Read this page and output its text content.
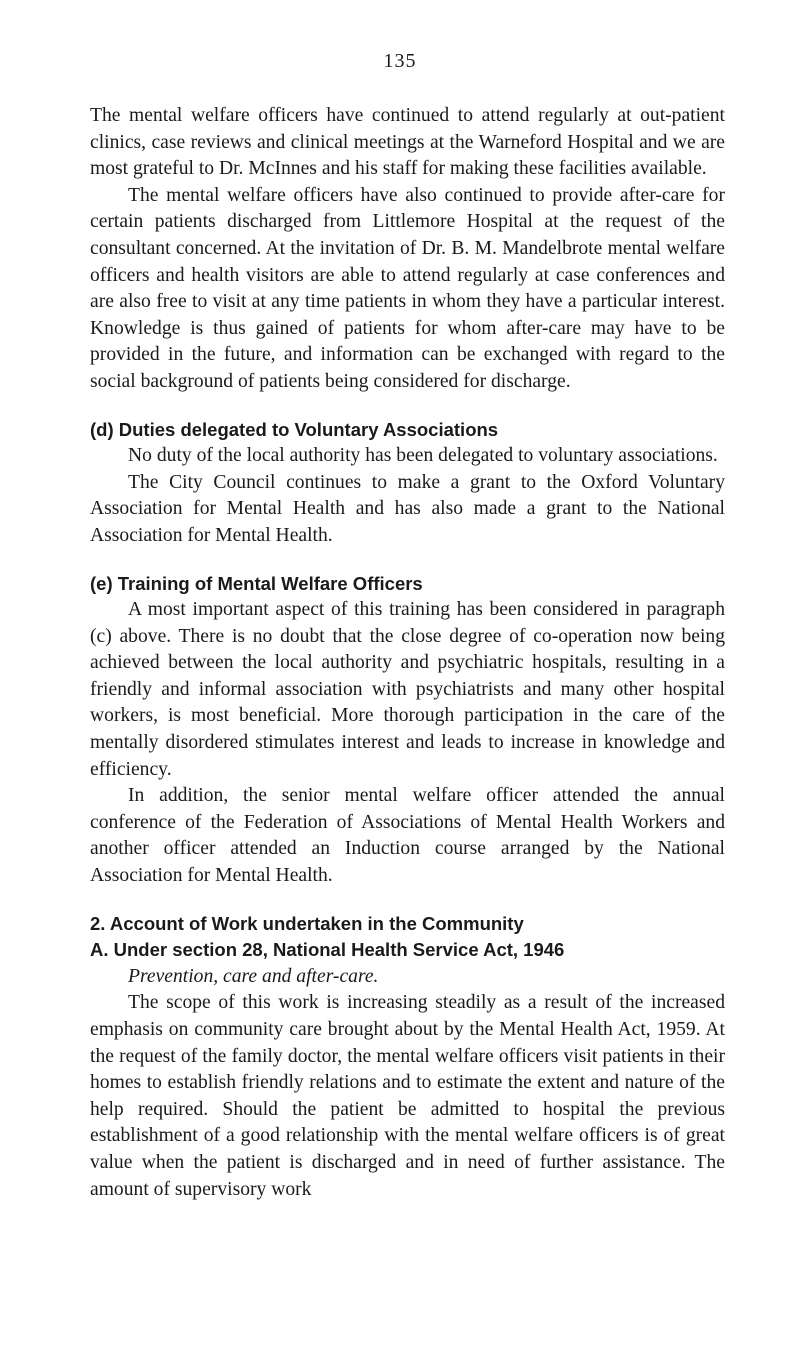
135

The mental welfare officers have continued to attend regularly at out-patient clinics, case reviews and clinical meetings at the Warneford Hospital and we are most grateful to Dr. McInnes and his staff for making these facilities available.

The mental welfare officers have also continued to provide after-care for certain patients discharged from Littlemore Hospital at the request of the consultant concerned. At the invitation of Dr. B. M. Mandelbrote mental welfare officers and health visitors are able to attend regularly at case conferences and are also free to visit at any time patients in whom they have a particular interest. Knowledge is thus gained of patients for whom after-care may have to be provided in the future, and information can be exchanged with regard to the social background of patients being considered for discharge.

(d) Duties delegated to Voluntary Associations

No duty of the local authority has been delegated to voluntary associations.

The City Council continues to make a grant to the Oxford Voluntary Association for Mental Health and has also made a grant to the National Association for Mental Health.

(e) Training of Mental Welfare Officers

A most important aspect of this training has been considered in paragraph (c) above. There is no doubt that the close degree of co-operation now being achieved between the local authority and psychiatric hospitals, resulting in a friendly and informal association with psychiatrists and many other hospital workers, is most beneficial. More thorough participation in the care of the mentally disordered stimulates interest and leads to increase in knowledge and efficiency.

In addition, the senior mental welfare officer attended the annual conference of the Federation of Associations of Mental Health Workers and another officer attended an Induction course arranged by the National Association for Mental Health.

2. Account of Work undertaken in the Community
A. Under section 28, National Health Service Act, 1946
Prevention, care and after-care.

The scope of this work is increasing steadily as a result of the increased emphasis on community care brought about by the Mental Health Act, 1959. At the request of the family doctor, the mental welfare officers visit patients in their homes to establish friendly relations and to estimate the extent and nature of the help required. Should the patient be admitted to hospital the previous establishment of a good relationship with the mental welfare officers is of great value when the patient is discharged and in need of further assistance. The amount of supervisory work
